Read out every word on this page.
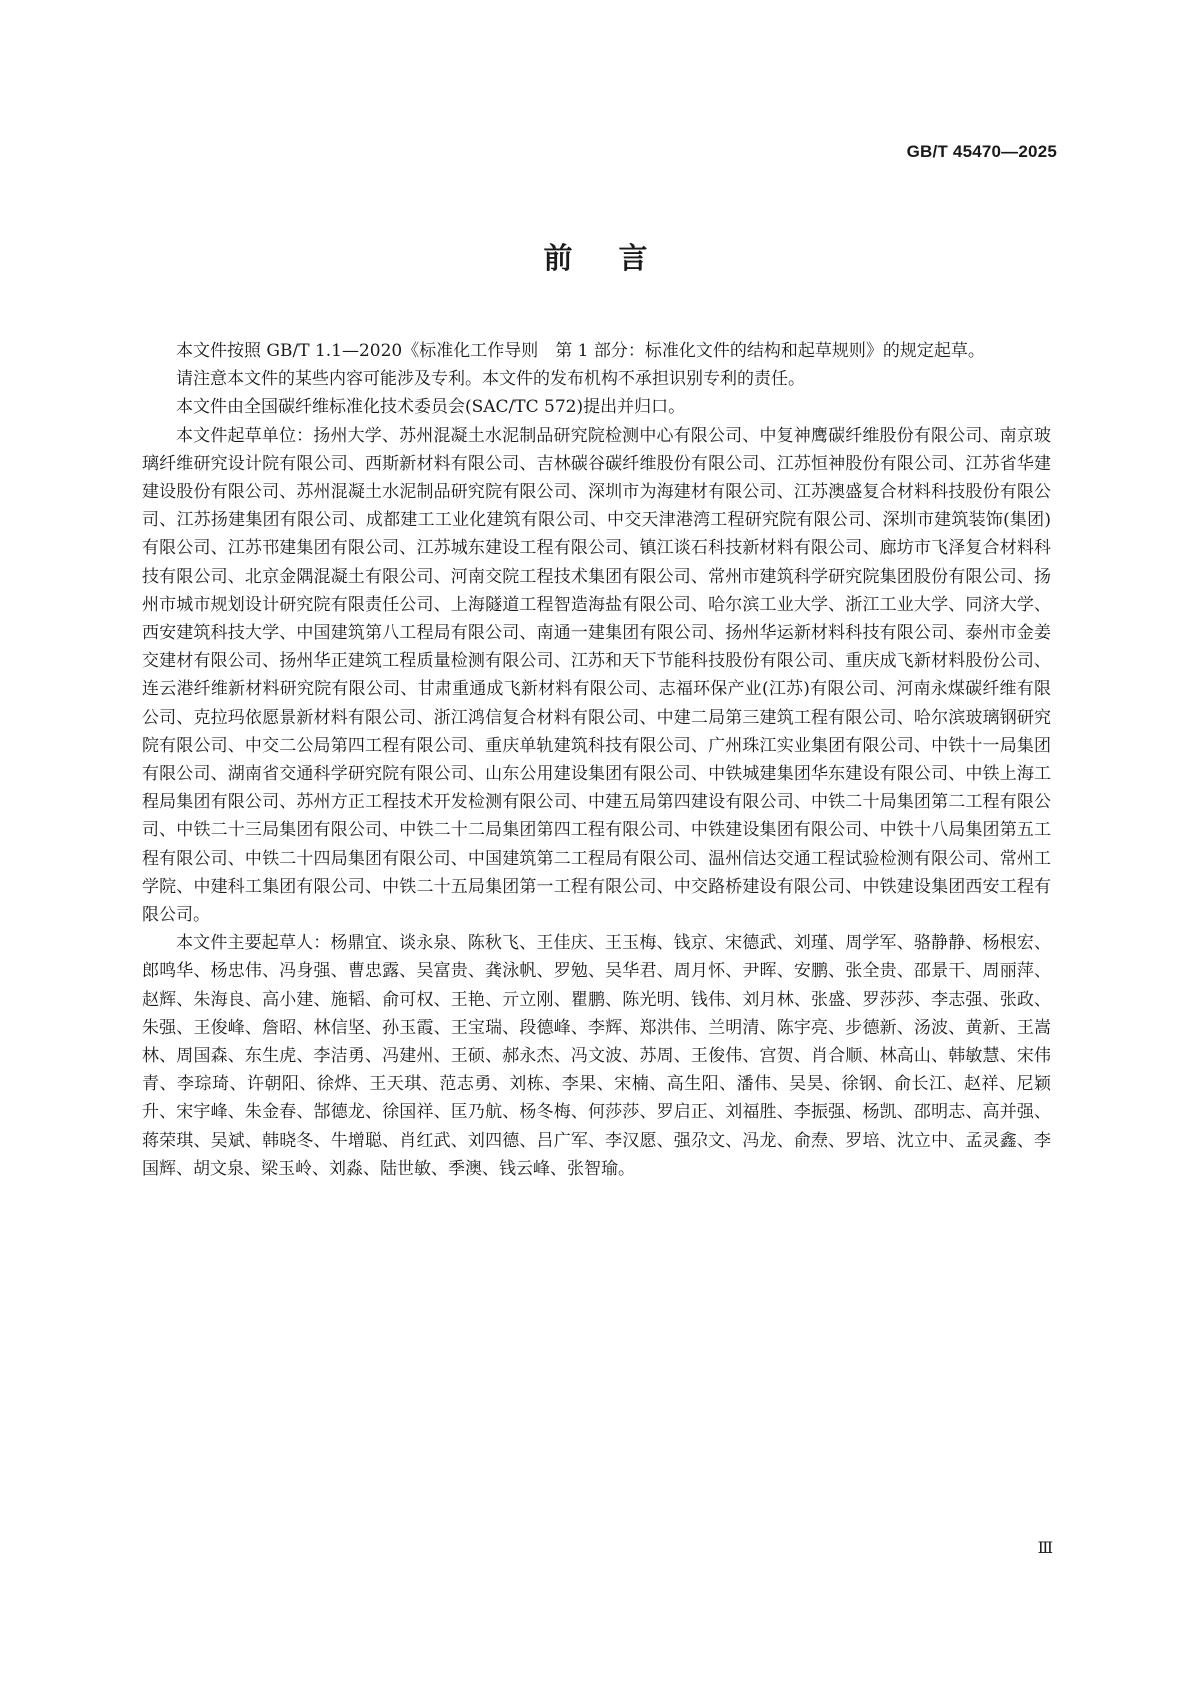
GB/T 45470—2025
前言

本文件按照 GB/T 1.1—2020《标准化工作导则　第 1 部分：标准化文件的结构和起草规则》的规定起草。

请注意本文件的某些内容可能涉及专利。本文件的发布机构不承担识别专利的责任。

本文件由全国碳纤维标准化技术委员会(SAC/TC 572)提出并归口。

本文件起草单位：扬州大学、苏州混凝土水泥制品研究院检测中心有限公司、中复神鹰碳纤维股份有限公司、南京玻璃纤维研究设计院有限公司、西斯新材料有限公司、吉林碳谷碳纤维股份有限公司、江苏恒神股份有限公司、江苏省华建建设股份有限公司、苏州混凝土水泥制品研究院有限公司、深圳市为海建材有限公司、江苏澳盛复合材料科技股份有限公司、江苏扬建集团有限公司、成都建工工业化建筑有限公司、中交天津港湾工程研究院有限公司、深圳市建筑装饰(集团)有限公司、江苏邗建集团有限公司、江苏城东建设工程有限公司、镇江谈石科技新材料有限公司、廊坊市飞泽复合材料科技有限公司、北京金隅混凝土有限公司、河南交院工程技术集团有限公司、常州市建筑科学研究院集团股份有限公司、扬州市城市规划设计研究院有限责任公司、上海隧道工程智造海盐有限公司、哈尔滨工业大学、浙江工业大学、同济大学、西安建筑科技大学、中国建筑第八工程局有限公司、南通一建集团有限公司、扬州华运新材料科技有限公司、泰州市金姜交建材有限公司、扬州华正建筑工程质量检测有限公司、江苏和天下节能科技股份有限公司、重庆成飞新材料股份公司、连云港纤维新材料研究院有限公司、甘肃重通成飞新材料有限公司、志福环保产业(江苏)有限公司、河南永煤碳纤维有限公司、克拉玛依愿景新材料有限公司、浙江鸿信复合材料有限公司、中建二局第三建筑工程有限公司、哈尔滨玻璃钢研究院有限公司、中交二公局第四工程有限公司、重庆单轨建筑科技有限公司、广州珠江实业集团有限公司、中铁十一局集团有限公司、湖南省交通科学研究院有限公司、山东公用建设集团有限公司、中铁城建集团华东建设有限公司、中铁上海工程局集团有限公司、苏州方正工程技术开发检测有限公司、中建五局第四建设有限公司、中铁二十局集团第二工程有限公司、中铁二十三局集团有限公司、中铁二十二局集团第四工程有限公司、中铁建设集团有限公司、中铁十八局集团第五工程有限公司、中铁二十四局集团有限公司、中国建筑第二工程局有限公司、温州信达交通工程试验检测有限公司、常州工学院、中建科工集团有限公司、中铁二十五局集团第一工程有限公司、中交路桥建设有限公司、中铁建设集团西安工程有限公司。

本文件主要起草人：杨鼎宜、谈永泉、陈秋飞、王佳庆、王玉梅、钱京、宋德武、刘瑾、周学军、骆静静、杨根宏、郎鸣华、杨忠伟、冯身强、曹忠露、吴富贵、龚泳帆、罗勉、吴华君、周月怀、尹晖、安鹏、张全贵、邵景干、周丽萍、赵辉、朱海良、高小建、施韬、俞可权、王艳、亓立刚、瞿鹏、陈光明、钱伟、刘月林、张盛、罗莎莎、李志强、张政、朱强、王俊峰、詹昭、林信坚、孙玉霞、王宝瑞、段德峰、李辉、郑洪伟、兰明清、陈宇亮、步德新、汤波、黄新、王嵩林、周国森、东生虎、李洁勇、冯建州、王硕、郝永杰、冯文波、苏周、王俊伟、宫贺、肖合顺、林高山、韩敏慧、宋伟青、李琮琦、许朝阳、徐烨、王天琪、范志勇、刘栋、李果、宋楠、高生阳、潘伟、吴昊、徐钢、俞长江、赵祥、尼颖升、宋宇峰、朱金春、郜德龙、徐国祥、匡乃航、杨冬梅、何莎莎、罗启正、刘福胜、李振强、杨凯、邵明志、高并强、蒋荣琪、吴斌、韩晓冬、牛增聪、肖红武、刘四德、吕广军、李汉愿、强尕文、冯龙、俞焘、罗培、沈立中、孟灵鑫、李国辉、胡文泉、梁玉岭、刘淼、陆世敏、季澳、钱云峰、张智瑜。

Ⅲ
